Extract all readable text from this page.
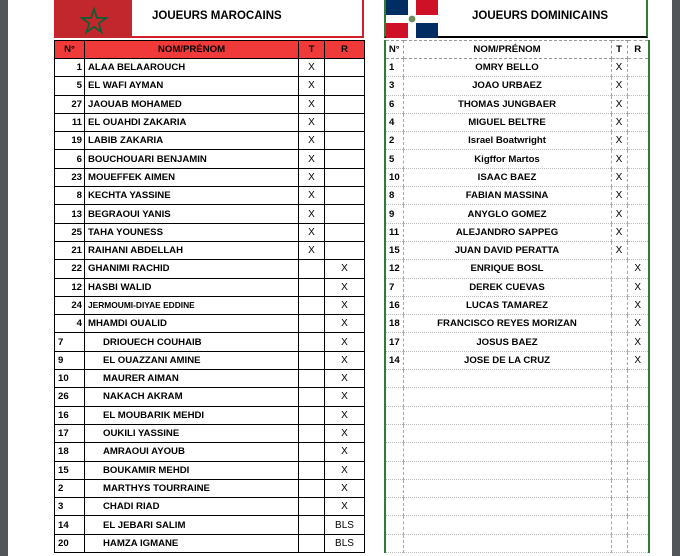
JOUEURS MAROCAINS
N°	NOM/PRÉNOM	T	R
1	ALAA BELAAROUCH	X	
5	EL WAFI AYMAN	X	
27	JAOUAB MOHAMED	X	
11	EL OUAHDI ZAKARIA	X	
19	LABIB ZAKARIA	X	
6	BOUCHOUARI BENJAMIN	X	
23	MOUEFFEK AIMEN	X	
8	KECHTA YASSINE	X	
13	BEGRAOUI YANIS	X	
25	TAHA YOUNESS	X	
21	RAIHANI ABDELLAH	X	
22	GHANIMI RACHID		X
12	HASBI WALID		X
24	JERMOUMI-DIYAE EDDINE		X
4	MHAMDI OUALID		X
7	DRIOUECH COUHAIB		X
9	EL OUAZZANI AMINE		X
10	MAURER AIMAN		X
26	NAKACH AKRAM		X
16	EL MOUBARIK MEHDI		X
17	OUKILI YASSINE		X
18	AMRAOUI AYOUB		X
15	BOUKAMIR MEHDI		X
2	MARTHYS TOURRAINE		X
3	CHADI RIAD		X
14	EL JEBARI SALIM		BLS
20	HAMZA IGMANE		BLS
JOUEURS DOMINICAINS
N°	NOM/PRÉNOM	T	R
1	OMRY BELLO	X	
3	JOAO URBAEZ	X	
6	THOMAS JUNGBAER	X	
4	MIGUEL BELTRE	X	
2	Israel Boatwright	X	
5	Kigffor Martos	X	
10	ISAAC BAEZ	X	
8	FABIAN MASSINA	X	
9	ANYGLO GOMEZ	X	
11	ALEJANDRO SAPPEG	X	
15	JUAN DAVID PERATTA	X	
12	ENRIQUE BOSL		X
7	DEREK CUEVAS		X
16	LUCAS TAMAREZ		X
18	FRANCISCO REYES MORIZAN		X
17	JOSUS BAEZ		X
14	JOSE DE LA CRUZ		X
